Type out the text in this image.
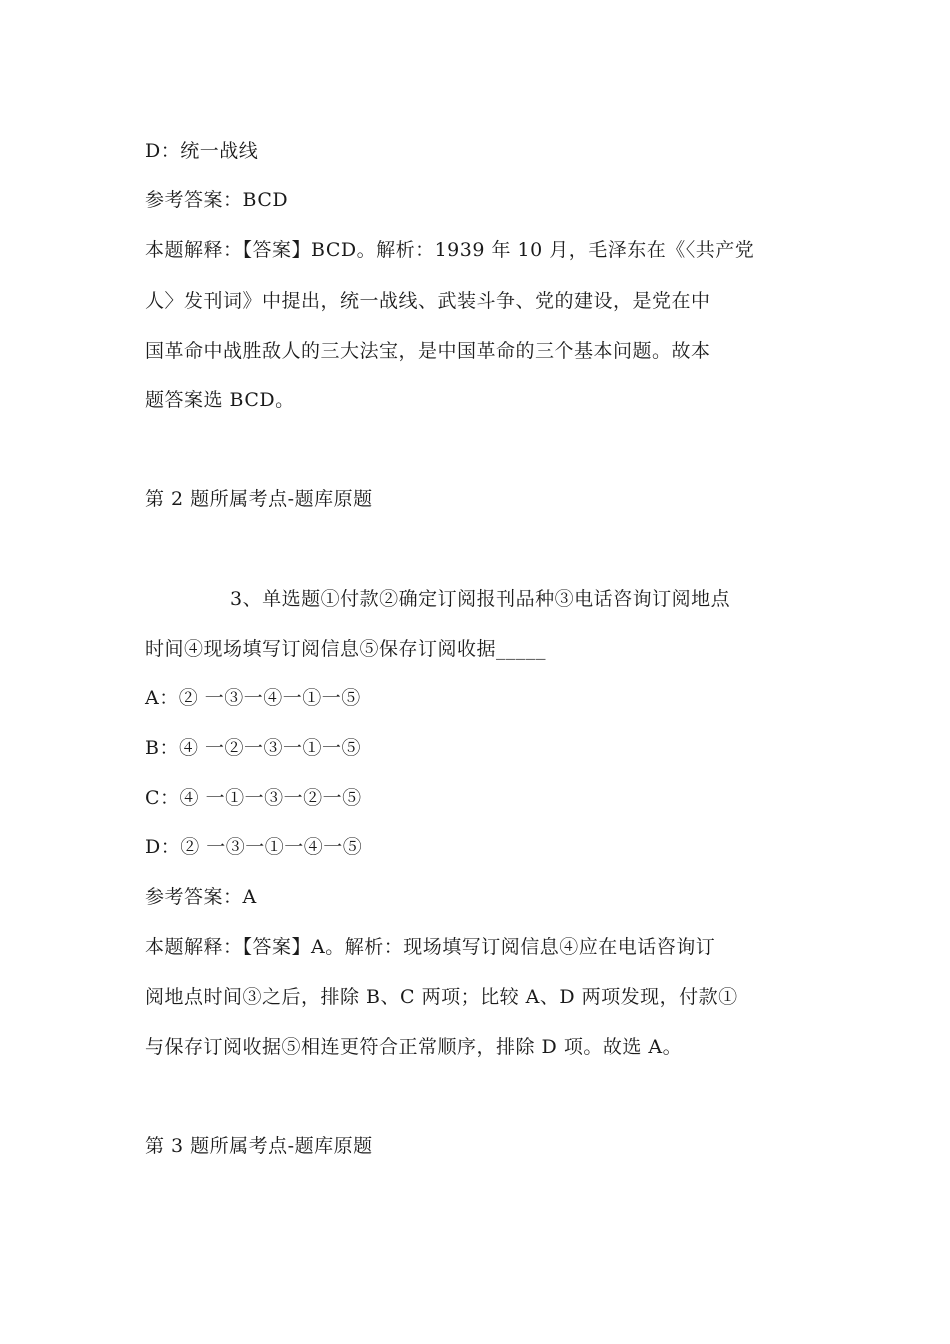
D：统一战线
参考答案：BCD
本题解释：【答案】BCD。解析：1939 年 10 月，毛泽东在《〈共产党
人〉发刊词》中提出，统一战线、武装斗争、党的建设，是党在中
国革命中战胜敌人的三大法宝，是中国革命的三个基本问题。故本
题答案选 BCD。
第 2 题所属考点-题库原题
3、单选题①付款②确定订阅报刊品种③电话咨询订阅地点
时间④现场填写订阅信息⑤保存订阅收据_____
A：② 一③一④一①一⑤
B：④ 一②一③一①一⑤
C：④ 一①一③一②一⑤
D：② 一③一①一④一⑤
参考答案：A
本题解释：【答案】A。解析：现场填写订阅信息④应在电话咨询订
阅地点时间③之后，排除 B、C 两项；比较 A、D 两项发现，付款①
与保存订阅收据⑤相连更符合正常顺序，排除 D 项。故选 A。
第 3 题所属考点-题库原题
